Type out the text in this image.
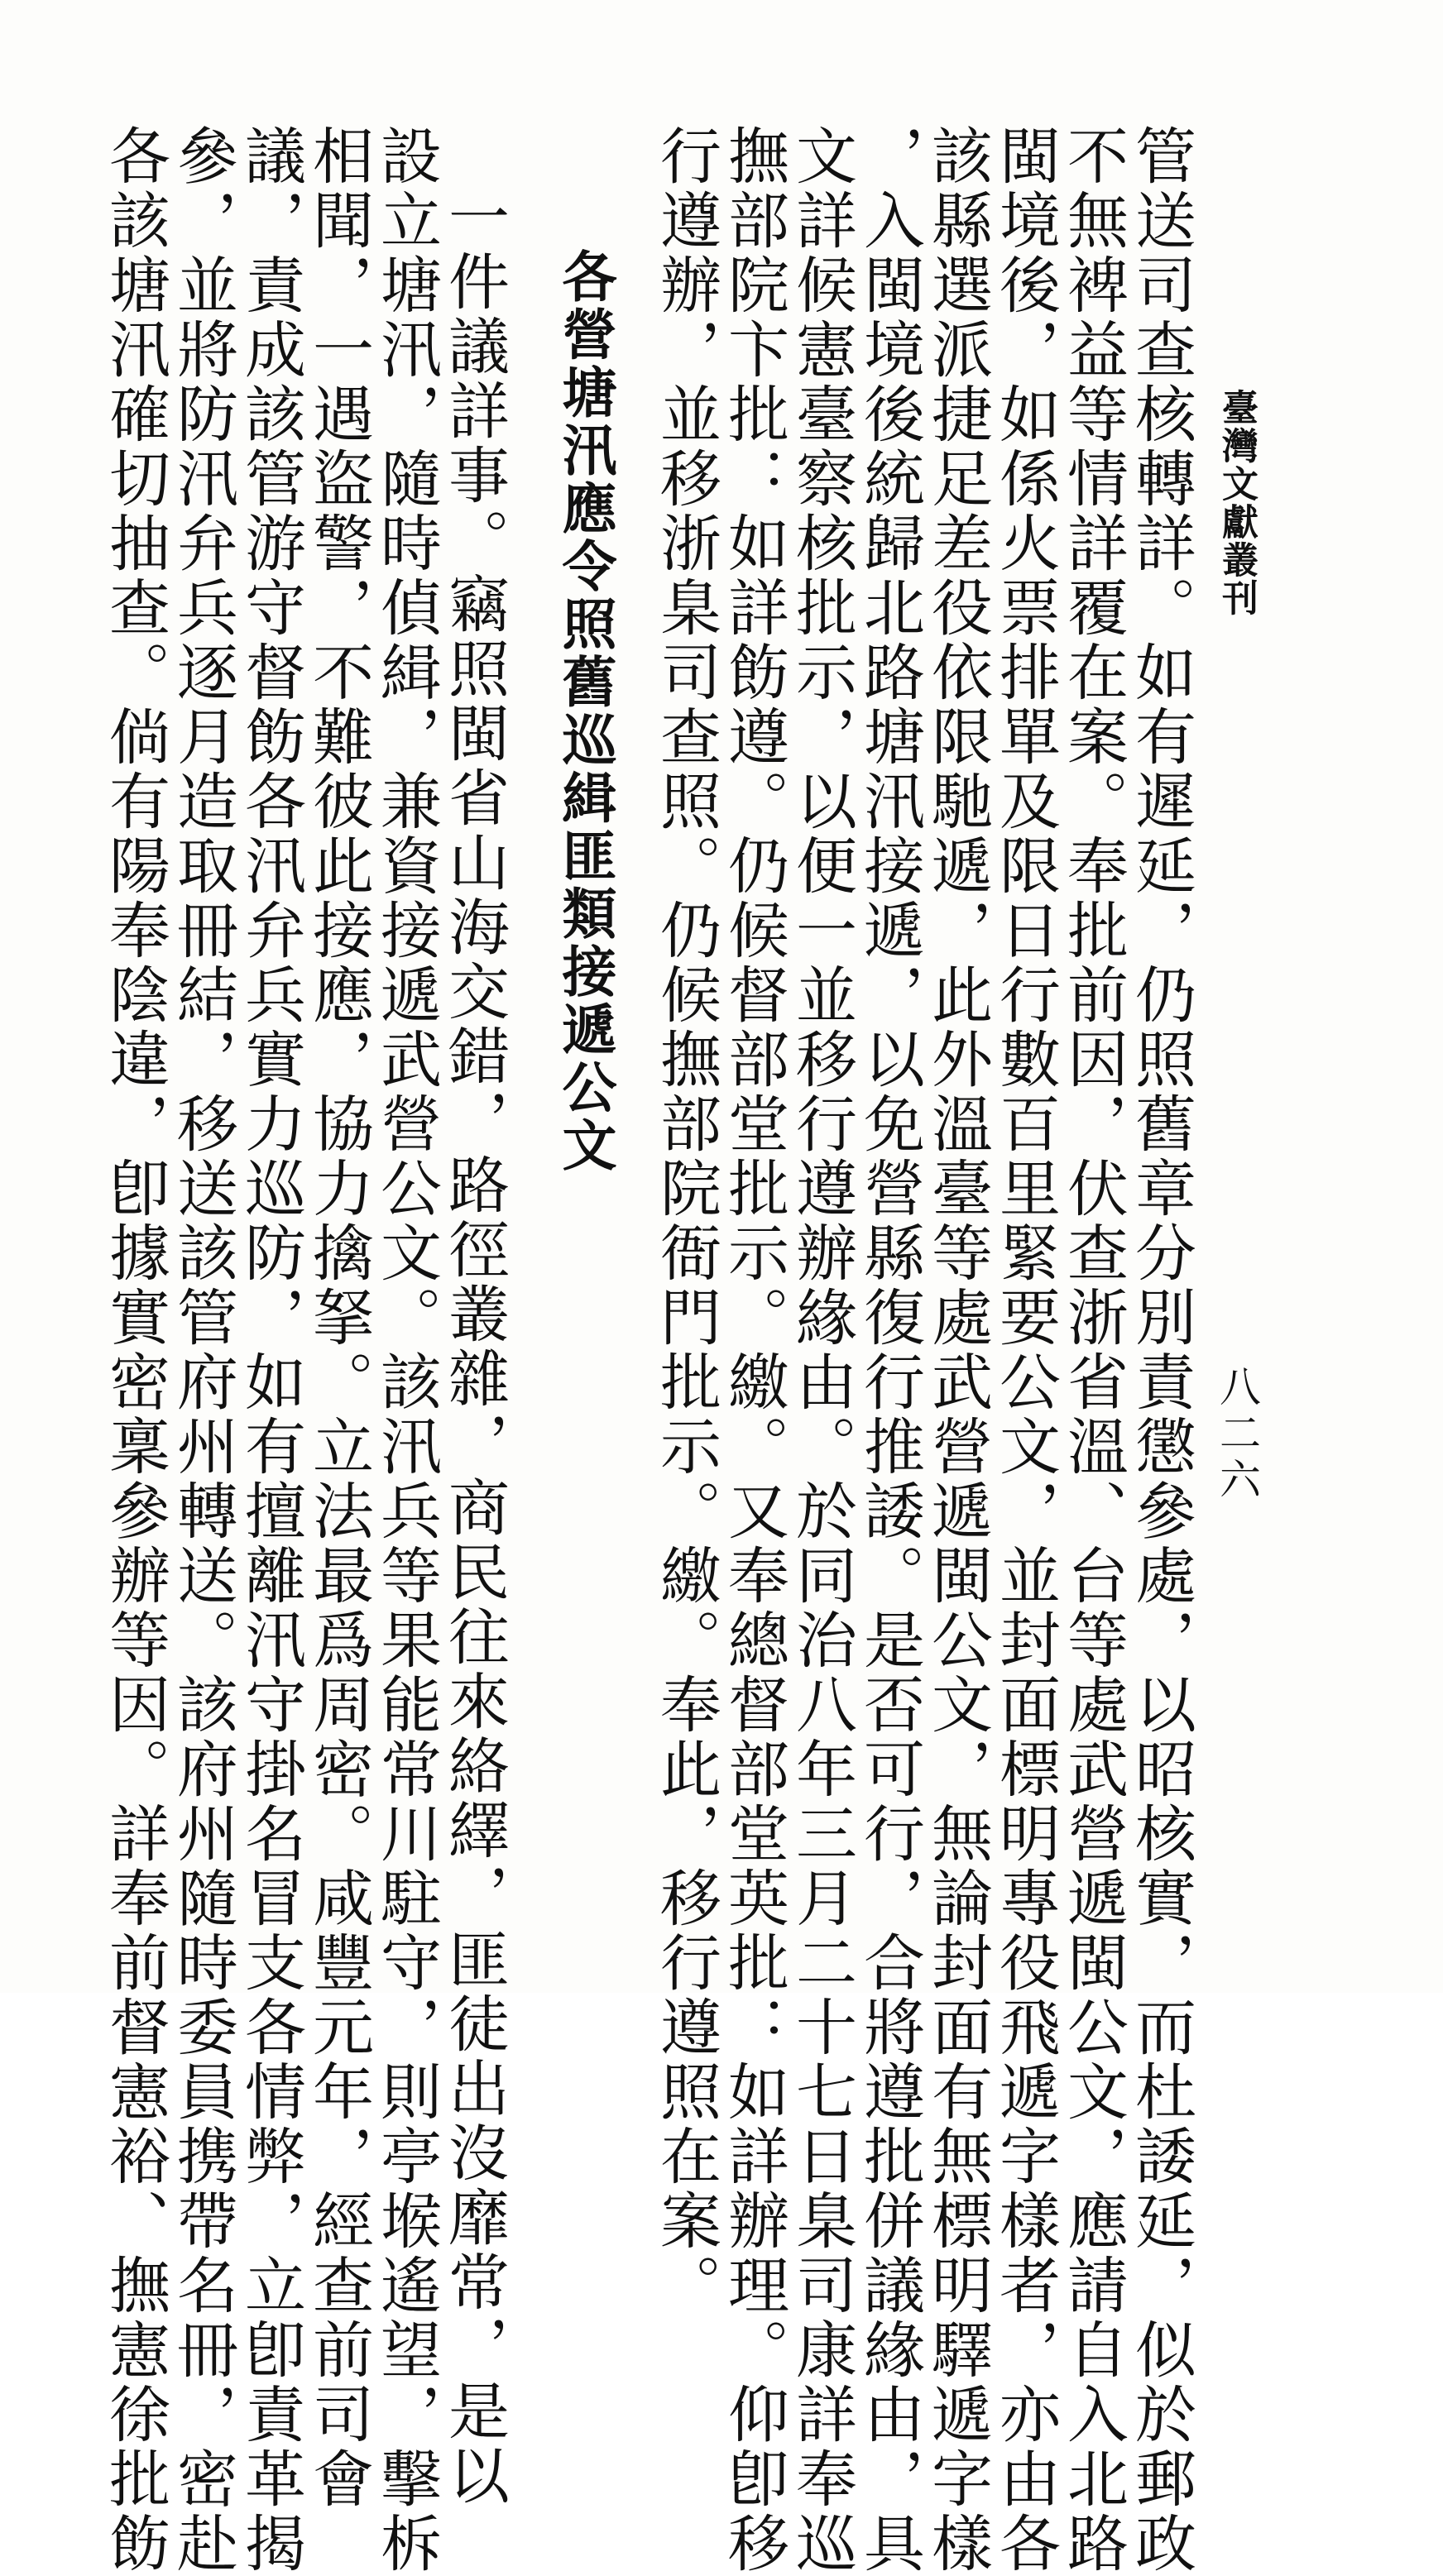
臺灣文獻叢刊
八二六
管送司查核轉詳。如有遲延，仍照舊章分別責懲參處，以昭核實，而杜諉延，似於郵政
不無裨益等情詳覆在案。奉批前因，伏查浙省溫、台等處武營遞閩公文，應請自入北路
閩境後，如係火票排單及限日行數百里緊要公文，並封面標明專役飛遞字樣者，亦由各
該縣選派捷足差役依限馳遞，此外溫臺等處武營遞閩公文，無論封面有無標明驛遞字樣
，入閩境後統歸北路塘汛接遞，以免營縣復行推諉。是否可行，合將遵批併議緣由，具
文詳候憲臺察核批示，以便一並移行遵辦緣由。於同治八年三月二十七日臬司康詳奉巡
撫部院卞批：如詳飭遵。仍候督部堂批示。繳。又奉總督部堂英批：如詳辦理。仰卽移
行遵辦，並移浙臬司查照。仍候撫部院衙門批示。繳。奉此，移行遵照在案。
各營塘汛應令照舊巡緝匪類接遞公文
一件議詳事。竊照閩省山海交錯，路徑叢雜，商民往來絡繹，匪徒出沒靡常，是以
設立塘汛，隨時偵緝，兼資接遞武營公文。該汛兵等果能常川駐守，則亭堠遙望，擊柝
相聞，一遇盜警，不難彼此接應，協力擒拏。立法最爲周密。咸豐元年，經查前司會
議，責成該管游守督飭各汛弁兵實力巡防，如有擅離汛守掛名冒支各情弊，立卽責革揭
參，並將防汛弁兵逐月造取冊結，移送該管府州轉送。該府州隨時委員携帶名冊，密赴
各該塘汛確切抽查。倘有陽奉陰違，卽據實密稟參辦等因。詳奉前督憲裕、撫憲徐批飭
